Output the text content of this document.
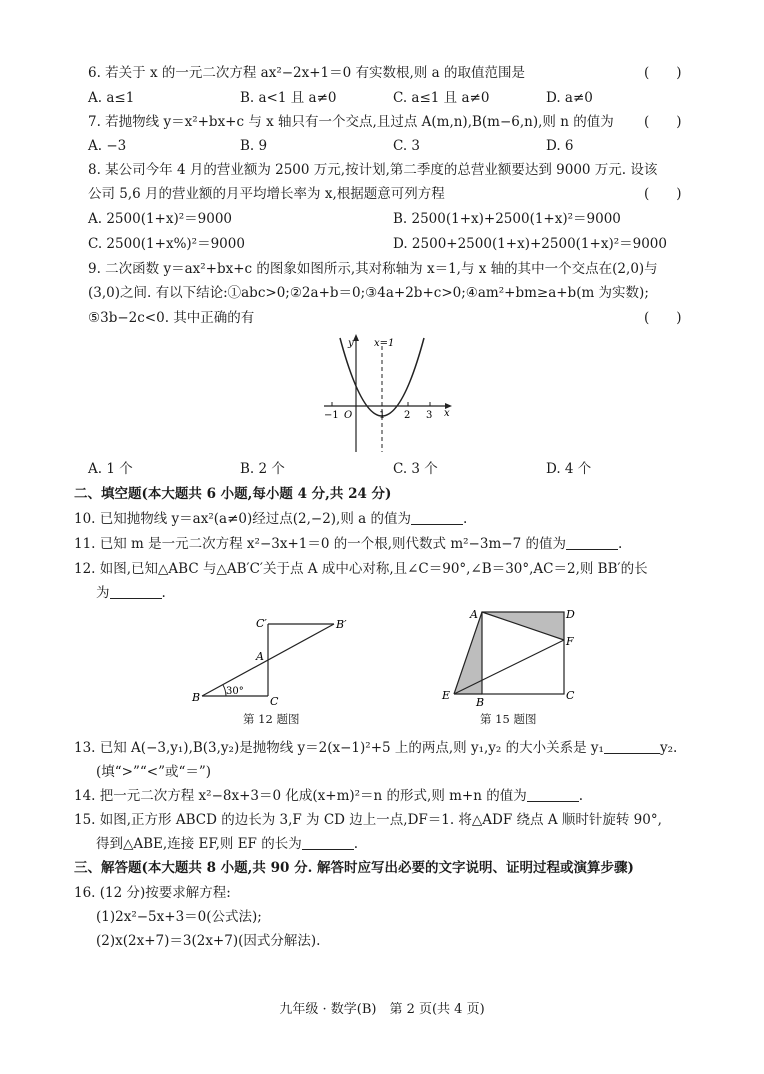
6. 若关于 x 的一元二次方程 ax²−2x+1＝0 有实数根,则 a 的取值范围是	(　　)
A. a≤1	B. a<1 且 a≠0	C. a≤1 且 a≠0	D. a≠0
7. 若抛物线 y＝x²+bx+c 与 x 轴只有一个交点,且过点 A(m,n),B(m−6,n),则 n 的值为 (　　)
A. −3	B. 9	C. 3	D. 6
8. 某公司今年 4 月的营业额为 2500 万元,按计划,第二季度的总营业额要达到 9000 万元. 设该
公司 5,6 月的营业额的月平均增长率为 x,根据题意可列方程	(　　)
A. 2500(1+x)²＝9000	B. 2500(1+x)+2500(1+x)²＝9000
C. 2500(1+x%)²＝9000	D. 2500+2500(1+x)+2500(1+x)²＝9000
9. 二次函数 y＝ax²+bx+c 的图象如图所示,其对称轴为 x＝1,与 x 轴的其中一个交点在(2,0)与
(3,0)之间. 有以下结论:①abc>0;②2a+b＝0;③4a+2b+c>0;④am²+bm≥a+b(m 为实数);
⑤3b−2c<0. 其中正确的有	(　　)
y x=1
x
O
−1	1 2 3
A. 1 个	B. 2 个	C. 3 个	D. 4 个
二、填空题(本大题共 6 小题,每小题 4 分,共 24 分)
10. 已知抛物线 y＝ax²(a≠0)经过点(2,−2),则 a 的值为	.
11. 已知 m 是一元二次方程 x²−3x+1＝0 的一个根,则代数式 m²−3m−7 的值为	.
12. 如图,已知△ABC 与△AB′C′关于点 A 成中心对称,且∠C＝90°,∠B＝30°,AC＝2,则 BB′的长
为	.
C′	B′
A
B	C
30°
第 12 题图
A	D
F
E
B
C
第 15 题图
13. 已知 A(−3,y₁),B(3,y₂)是抛物线 y＝2(x−1)²+5 上的两点,则 y₁,y₂ 的大小关系是 y₁	y₂.
(填“>”“<”或“＝”)
14. 把一元二次方程 x²−8x+3＝0 化成(x+m)²＝n 的形式,则 m+n 的值为	.
15. 如图,正方形 ABCD 的边长为 3,F 为 CD 边上一点,DF＝1. 将△ADF 绕点 A 顺时针旋转 90°,
得到△ABE,连接 EF,则 EF 的长为	.
三、解答题(本大题共 8 小题,共 90 分. 解答时应写出必要的文字说明、证明过程或演算步骤)
16. (12 分)按要求解方程:
(1)2x²−5x+3＝0(公式法);
(2)x(2x+7)＝3(2x+7)(因式分解法).
九年级 · 数学(B)　第 2 页(共 4 页)
